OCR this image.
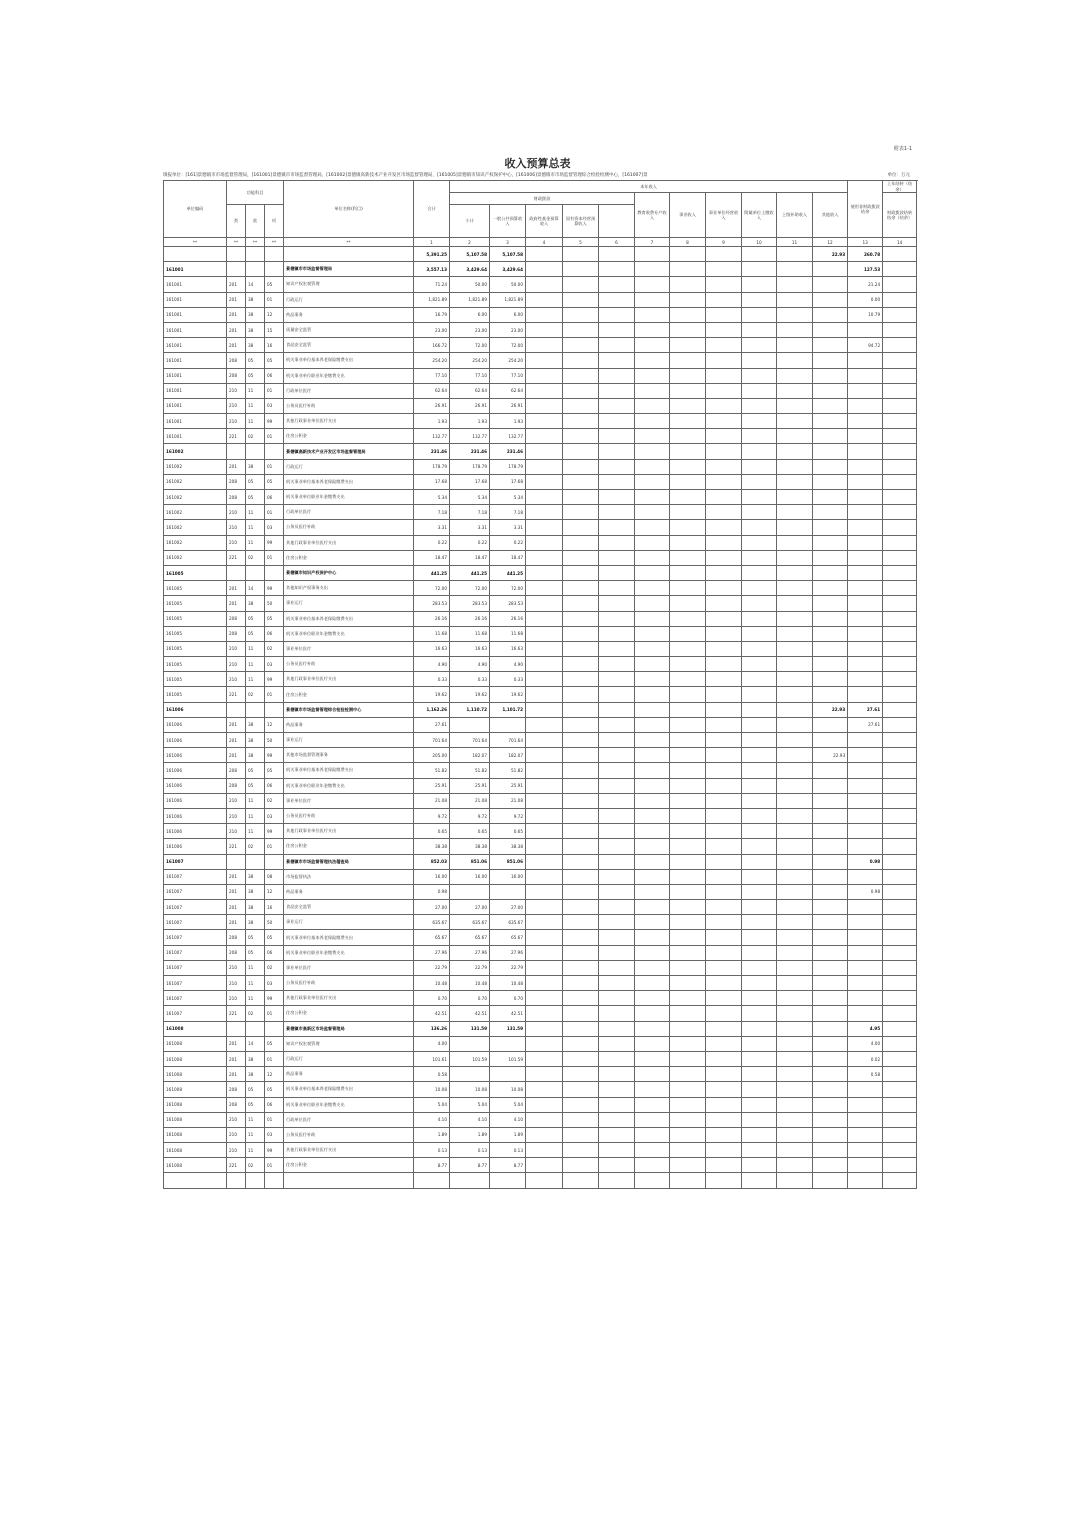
附表1-1
收入预算总表
填报单位：[161]景德镇市市场监督管理局，[161001]景德镇市市场监督管理局，[161002]景德镇高新技术产业开发区市场监督管理局，[161005]景德镇市知识产权保护中心，[161006]景德镇市市场监督管理综合检验检测中心，[161007]景	单位：万元
单位编码	功能科目			单位名称(科目)	合计	本年收入											使用非财政拨款结余	上年结转（结余）	
						财政拨款					教育收费专户收入	事业收入	事业单位经营收入	附属单位上缴收入	上级补助收入	其他收入		财政拨款结转结余（结余）	
	类	款	项			小计	一般公共预算收入	政府性基金预算收入	国有资本经营预算收入										
**	**	**	**	**	1	2	3	4	5	6	7	8	9	10	11	12	13	14	
					5,391.25	5,107.58	5,107.58									22.93	260.78		
161001				景德镇市市场监督管理局	3,557.13	3,429.64	3,429.64										127.53		
161001	201	14	05	知识产权宏观管理	71.24	50.00	50.00										21.24		
161001	201	38	01	行政运行	1,821.89	1,821.89	1,821.89										0.00		
161001	201	38	12	药品事务	16.79	6.00	6.00										10.79		
161001	201	38	15	质量安全监管	23.00	23.00	23.00												
161001	201	38	16	食品安全监管	166.72	72.00	72.00										94.72		
161001	208	05	05	机关事业单位基本养老保险缴费支出	254.20	254.20	254.20												
161001	208	05	06	机关事业单位职业年金缴费支出	77.10	77.10	77.10												
161001	210	11	01	行政单位医疗	62.64	62.64	62.64												
161001	210	11	03	公务员医疗补助	26.91	26.91	26.91												
161001	210	11	99	其他行政事业单位医疗支出	1.93	1.93	1.93												
161001	221	02	01	住房公积金	132.77	132.77	132.77												
161002				景德镇高新技术产业开发区市场监督管理局	231.46	231.46	231.46												
161002	201	38	01	行政运行	178.79	178.79	178.79												
161002	208	05	05	机关事业单位基本养老保险缴费支出	17.68	17.68	17.68												
161002	208	05	06	机关事业单位职业年金缴费支出	5.34	5.34	5.34												
161002	210	11	01	行政单位医疗	7.18	7.18	7.18												
161002	210	11	03	公务员医疗补助	3.31	3.31	3.31												
161002	210	11	99	其他行政事业单位医疗支出	0.22	0.22	0.22												
161002	221	02	01	住房公积金	18.47	18.47	18.47												
161005				景德镇市知识产权保护中心	441.25	441.25	441.25												
161005	201	14	99	其他知识产权事务支出	72.00	72.00	72.00												
161005	201	38	50	事业运行	283.53	283.53	283.53												
161005	208	05	05	机关事业单位基本养老保险缴费支出	26.16	26.16	26.16												
161005	208	05	06	机关事业单位职业年金缴费支出	11.68	11.68	11.68												
161005	210	11	02	事业单位医疗	16.63	16.63	16.63												
161005	210	11	03	公务员医疗补助	4.90	4.90	4.90												
161005	210	11	99	其他行政事业单位医疗支出	0.33	0.33	0.33												
161005	221	02	01	住房公积金	19.62	19.62	19.62												
161006				景德镇市市场监督管理综合检验检测中心	1,162.26	1,110.72	1,101.72									22.93	27.61		
161006	201	38	12	药品事务	27.61												27.61		
161006	201	38	50	事业运行	701.64	701.64	701.64												
161006	201	38	99	其他市场监督管理事务	205.00	182.07	182.07									22.93			
161006	208	05	05	机关事业单位基本养老保险缴费支出	51.82	51.82	51.82												
161006	208	05	06	机关事业单位职业年金缴费支出	25.91	25.91	25.91												
161006	210	11	02	事业单位医疗	21.08	21.08	21.08												
161006	210	11	03	公务员医疗补助	9.72	9.72	9.72												
161006	210	11	99	其他行政事业单位医疗支出	0.65	0.65	0.65												
161006	221	02	01	住房公积金	38.38	38.38	38.38												
161007				景德镇市市场监督管理执法稽查局	852.03	851.06	851.06										0.98		
161007	201	38	08	市场监督执法	16.00	16.00	16.00												
161007	201	38	12	药品事务	0.98												0.98		
161007	201	38	16	食品安全监管	27.00	27.00	27.00												
161007	201	38	50	事业运行	635.67	635.67	635.67												
161007	208	05	05	机关事业单位基本养老保险缴费支出	65.67	65.67	65.67												
161007	208	05	06	机关事业单位职业年金缴费支出	27.96	27.96	27.96												
161007	210	11	02	事业单位医疗	22.79	22.79	22.79												
161007	210	11	03	公务员医疗补助	10.48	10.48	10.48												
161007	210	11	99	其他行政事业单位医疗支出	0.70	0.70	0.70												
161007	221	02	01	住房公积金	42.51	42.51	42.51												
161008				景德镇市高新区市场监督管理局	136.26	131.59	131.59										4.95		
161008	201	14	05	知识产权宏观管理	4.00												4.00		
161008	201	38	01	行政运行	101.61	101.59	101.59										0.02		
161008	201	38	12	药品事务	0.58												0.58		
161008	208	05	05	机关事业单位基本养老保险缴费支出	10.08	10.08	10.08												
161008	208	05	06	机关事业单位职业年金缴费支出	5.04	5.04	5.04												
161008	210	11	01	行政单位医疗	4.10	4.10	4.10												
161008	210	11	03	公务员医疗补助	1.89	1.89	1.89												
161008	210	11	99	其他行政事业单位医疗支出	0.13	0.13	0.13												
161008	221	02	01	住房公积金	8.77	8.77	8.77												
